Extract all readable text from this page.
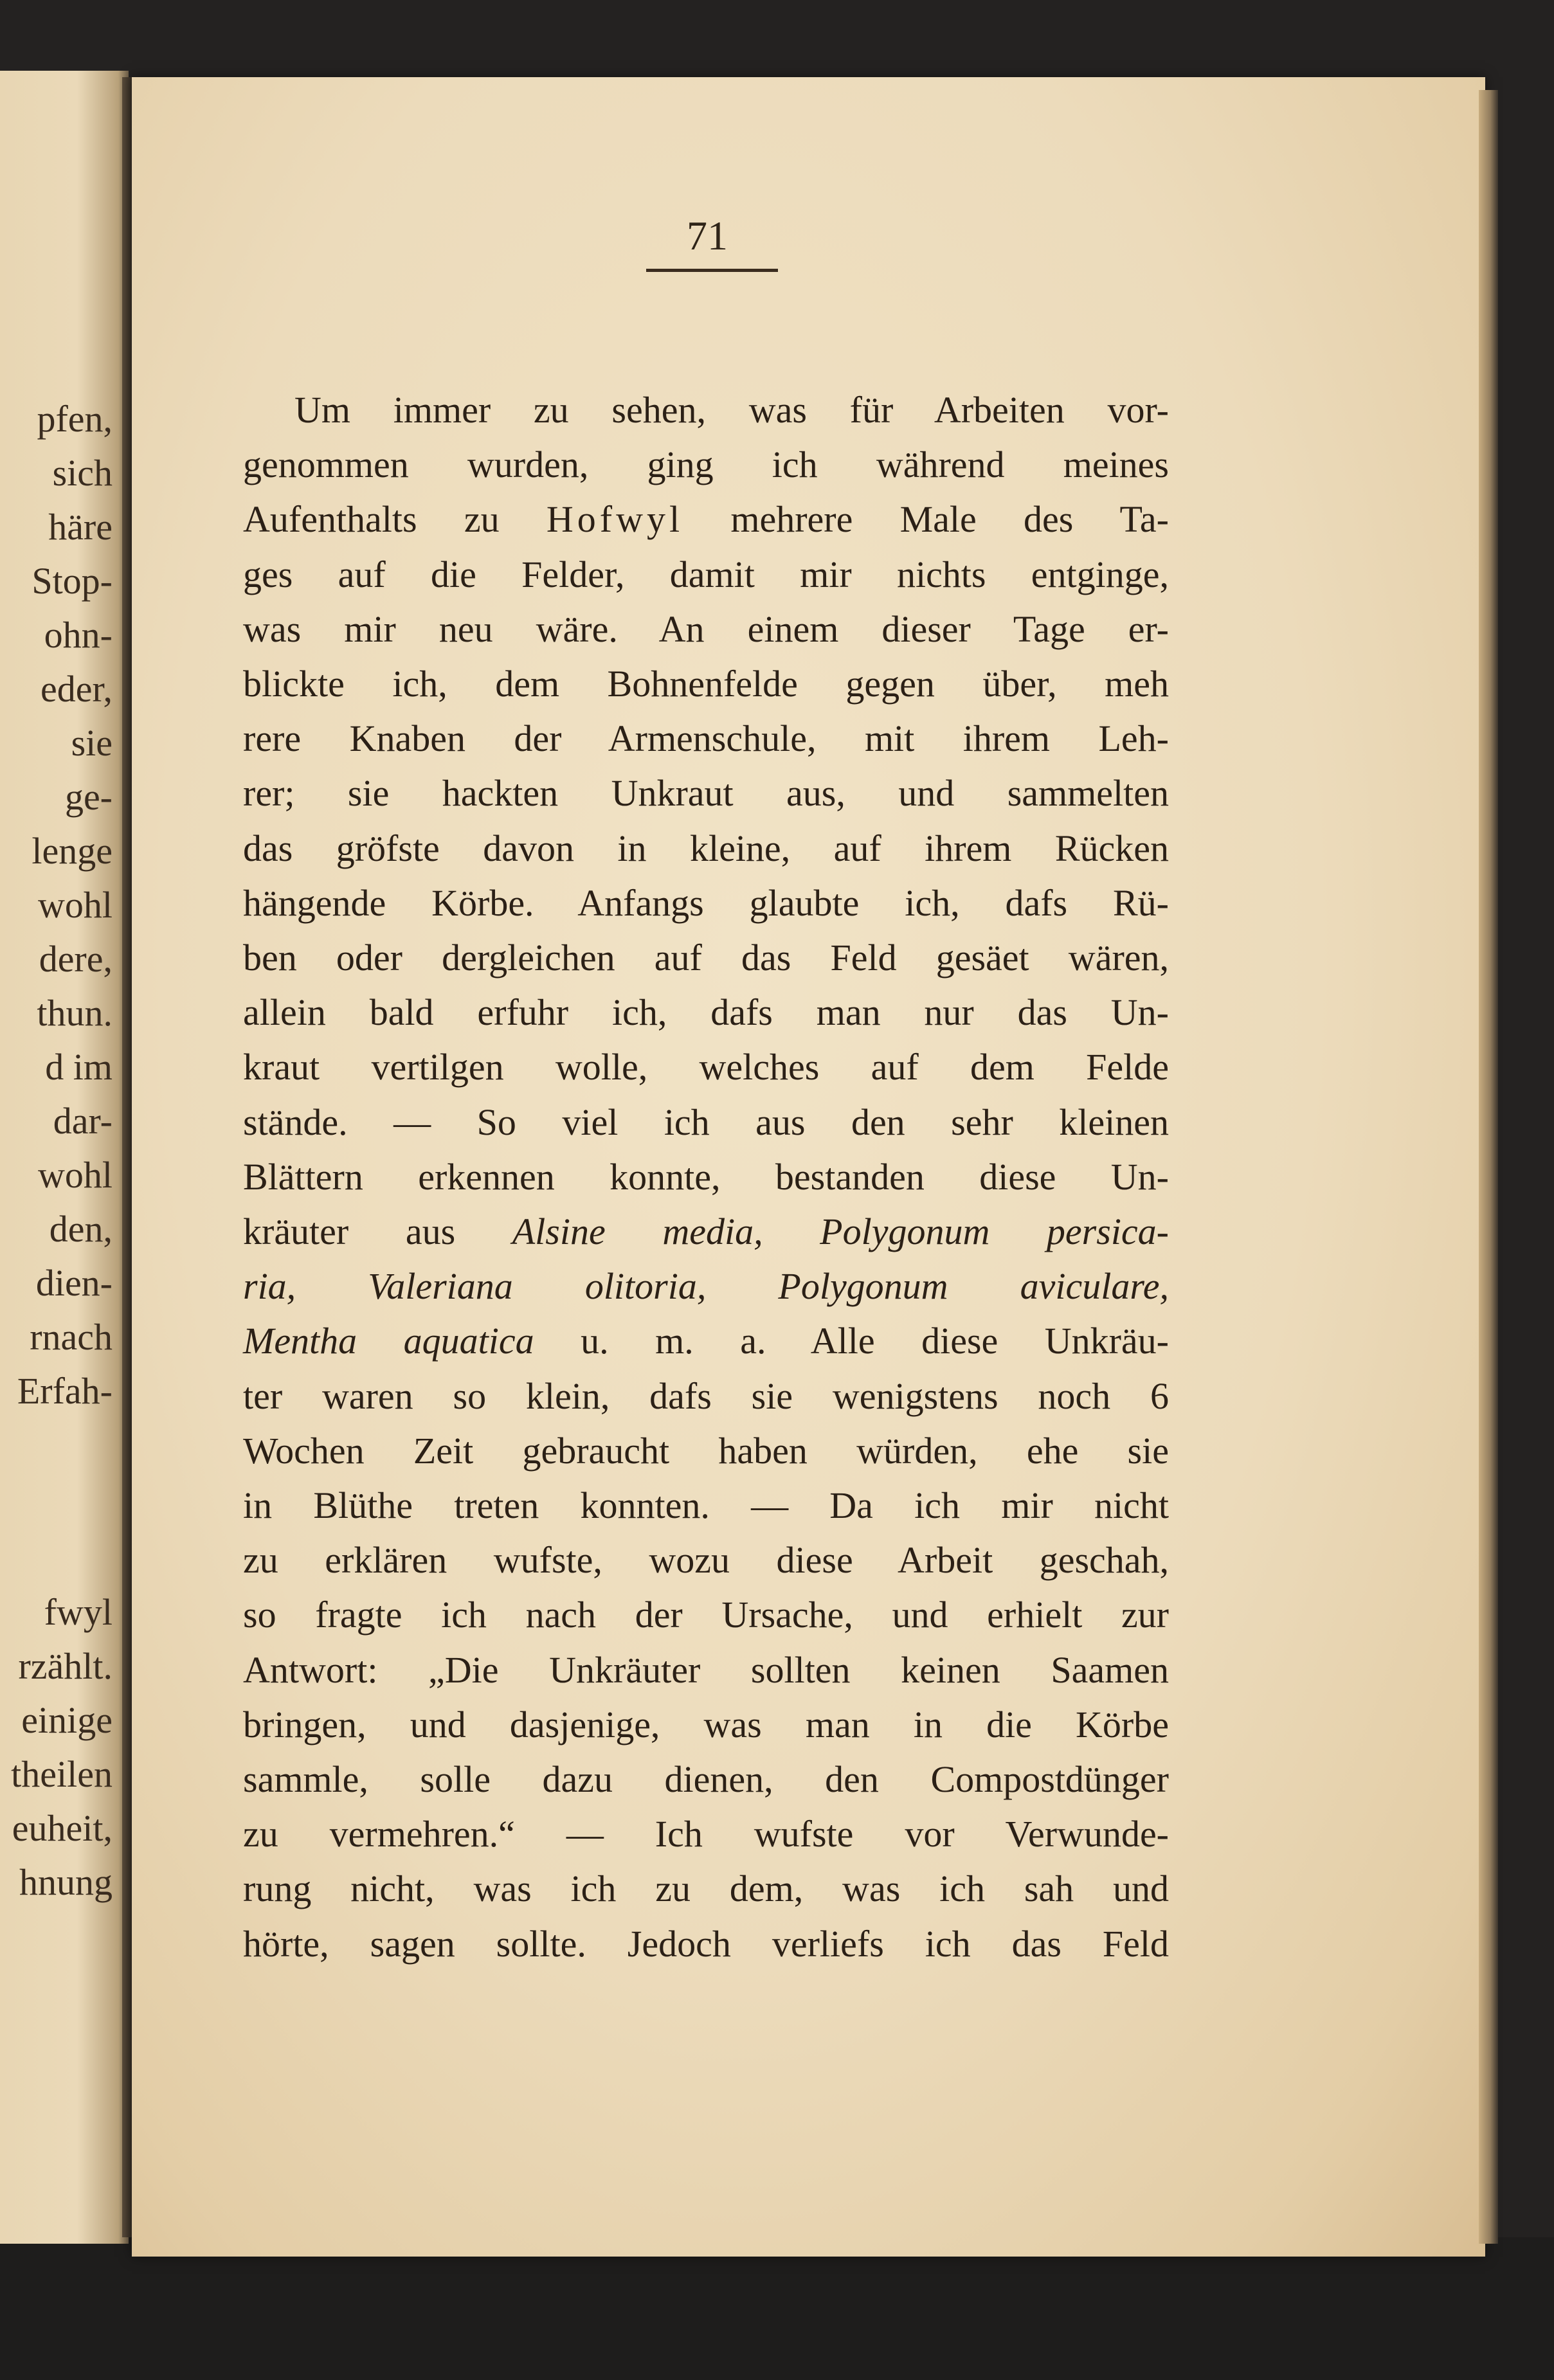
pfen,
sich
häre
Stop-
ohn-
eder,
sie
ge-
lenge
wohl
dere,
thun.
d im
dar-
wohl
den,
dien-
rnach
Erfah-
fwyl
rzählt.
einige
theilen
euheit,
hnung
71
Um immer zu sehen, was für Arbeiten vor-
genommen wurden, ging ich während meines
Aufenthalts zu Hofwyl mehrere Male des Ta-
ges auf die Felder, damit mir nichts entginge,
was mir neu wäre. An einem dieser Tage er-
blickte ich, dem Bohnenfelde gegen über, meh
rere Knaben der Armenschule, mit ihrem Leh-
rer; sie hackten Unkraut aus, und sammelten
das gröfste davon in kleine, auf ihrem Rücken
hängende Körbe. Anfangs glaubte ich, dafs Rü-
ben oder dergleichen auf das Feld gesäet wären,
allein bald erfuhr ich, dafs man nur das Un-
kraut vertilgen wolle, welches auf dem Felde
stände. — So viel ich aus den sehr kleinen
Blättern erkennen konnte, bestanden diese Un-
kräuter aus Alsine media, Polygonum persica-
ria, Valeriana olitoria, Polygonum aviculare,
Mentha aquatica u. m. a. Alle diese Unkräu-
ter waren so klein, dafs sie wenigstens noch 6
Wochen Zeit gebraucht haben würden, ehe sie
in Blüthe treten konnten. — Da ich mir nicht
zu erklären wufste, wozu diese Arbeit geschah,
so fragte ich nach der Ursache, und erhielt zur
Antwort: „Die Unkräuter sollten keinen Saamen
bringen, und dasjenige, was man in die Körbe
sammle, solle dazu dienen, den Compostdünger
zu vermehren.“ — Ich wufste vor Verwunde-
rung nicht, was ich zu dem, was ich sah und
hörte, sagen sollte. Jedoch verliefs ich das Feld
